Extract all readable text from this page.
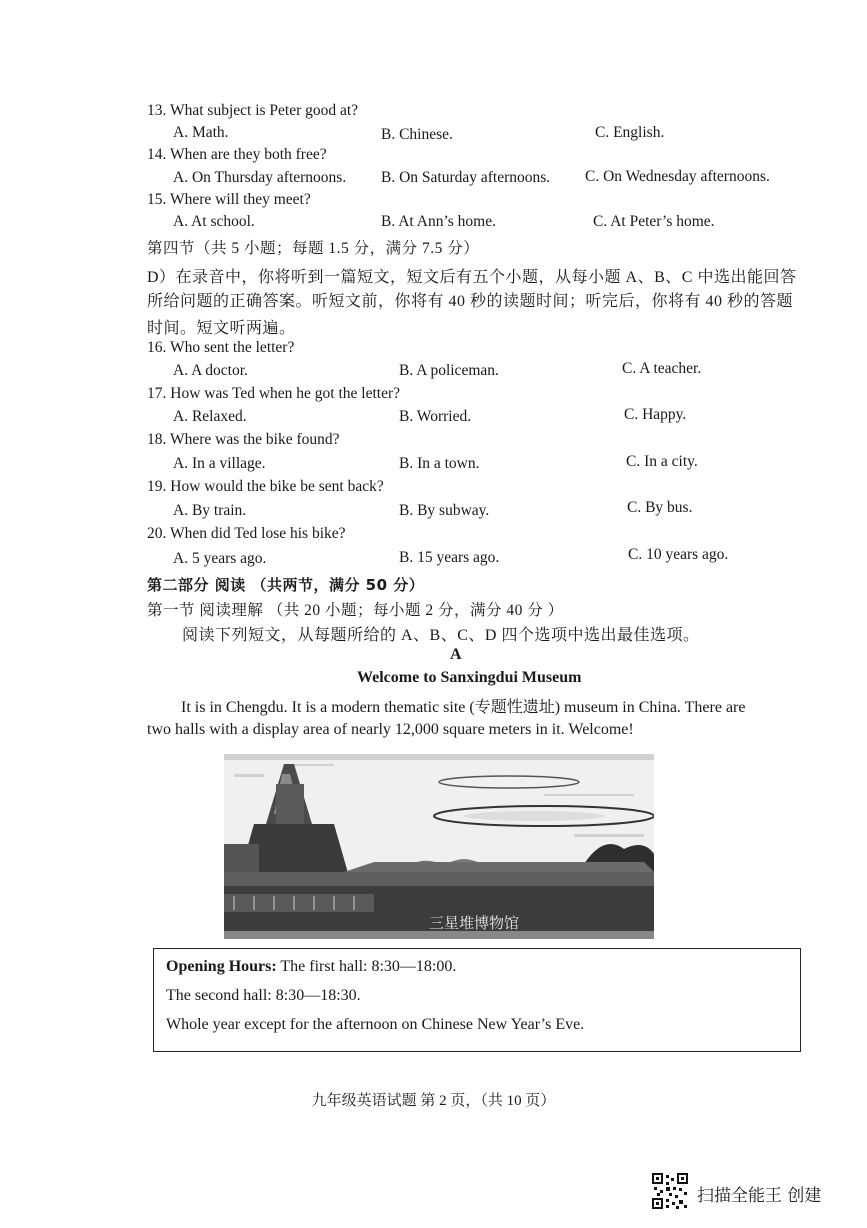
13. What subject is Peter good at?
A. Math.	B. Chinese.	C. English.
14. When are they both free?
A. On Thursday afternoons. B. On Saturday afternoons. C. On Wednesday afternoons.
15. Where will they meet?
A. At school.	B. At Ann’s home.	C. At Peter’s home.
第四节（共 5 小题；每题 1.5 分，满分 7.5 分）
D）在录音中，你将听到一篇短文，短文后有五个小题，从每小题 A、B、C 中选出能回答
所给问题的正确答案。听短文前，你将有 40 秒的读题时间；听完后，你将有 40 秒的答题
时间。短文听两遍。
16. Who sent the letter?
A. A doctor.	B. A policeman.	C. A teacher.
17. How was Ted when he got the letter?
A. Relaxed.	B. Worried.	C. Happy.
18. Where was the bike found?
A. In a village.	B. In a town.	C. In a city.
19. How would the bike be sent back?
A. By train.	B. By subway.	C. By bus.
20. When did Ted lose his bike?
A. 5 years ago.	B. 15 years ago.	C. 10 years ago.
第二部分 阅读 （共两节，满分 50 分）
第一节 阅读理解 （共 20 小题；每小题 2 分，满分 40 分 ）
阅读下列短文，从每题所给的 A、B、C、D 四个选项中选出最佳选项。
A
Welcome to Sanxingdui Museum
It is in Chengdu. It is a modern thematic site (专题性遗址) museum in China. There are
two halls with a display area of nearly 12,000 square meters in it. Welcome!
三星堆博物馆
Opening Hours: The first hall: 8:30—18:00.
The second hall: 8:30—18:30.
Whole year except for the afternoon on Chinese New Year’s Eve.
九年级英语试题 第 2 页，（共 10 页）
扫描全能王 创建
